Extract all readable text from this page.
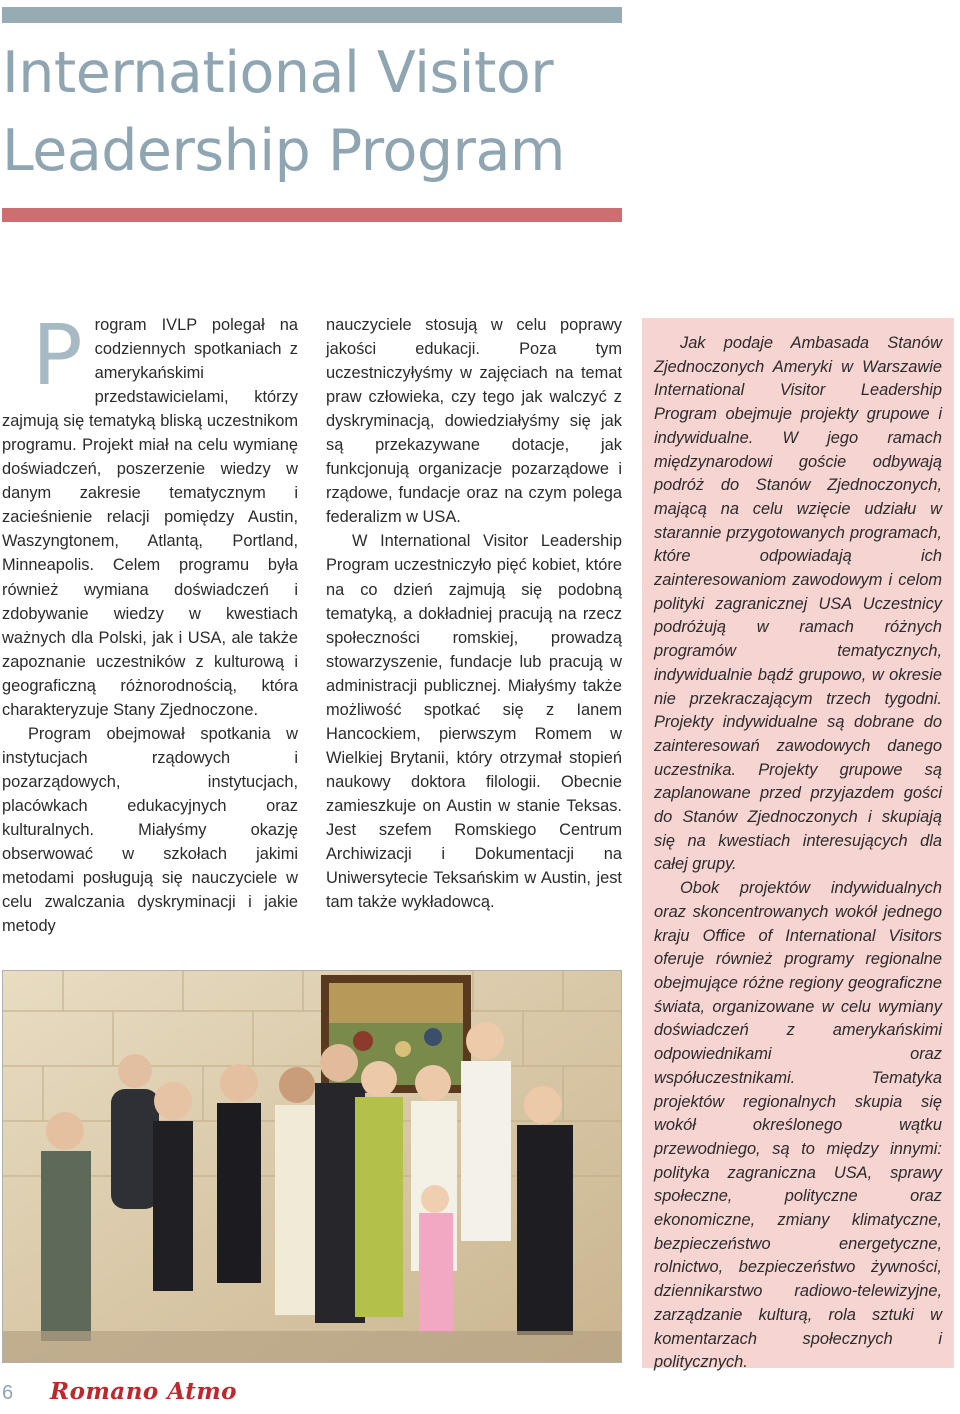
International Visitor
Leadership Program
P rogram IVLP polegał na codziennych spotkaniach z amerykańskimi przedstawicielami, którzy zajmują się tematyką bliską uczestnikom programu. Projekt miał na celu wymianę doświadczeń, poszerzenie wiedzy w danym zakresie tematycznym i zacieśnienie relacji pomiędzy Austin, Waszyngtonem, Atlantą, Portland, Minneapolis. Celem programu była również wymiana doświadczeń i zdobywanie wiedzy w kwestiach ważnych dla Polski, jak i USA, ale także zapoznanie uczestników z kulturową i geograficzną różnorodnością, która charakteryzuje Stany Zjednoczone.

Program obejmował spotkania w instytucjach rządowych i pozarządowych, instytucjach, placówkach edukacyjnych oraz kulturalnych. Miałyśmy okazję obserwować w szkołach jakimi metodami posługują się nauczyciele w celu zwalczania dyskryminacji i jakie metody

nauczyciele stosują w celu poprawy jakości edukacji. Poza tym uczestniczyłyśmy w zajęciach na temat praw człowieka, czy tego jak walczyć z dyskryminacją, dowiedziałyśmy się jak są przekazywane dotacje, jak funkcjonują organizacje pozarządowe i rządowe, fundacje oraz na czym polega federalizm w USA.

W International Visitor Leadership Program uczestniczyło pięć kobiet, które na co dzień zajmują się podobną tematyką, a dokładniej pracują na rzecz społeczności romskiej, prowadzą stowarzyszenie, fundacje lub pracują w administracji publicznej. Miałyśmy także możliwość spotkać się z Ianem Hancockiem, pierwszym Romem w Wielkiej Brytanii, który otrzymał stopień naukowy doktora filologii. Obecnie zamieszkuje on Austin w stanie Teksas. Jest szefem Romskiego Centrum Archiwizacji i Dokumentacji na Uniwersytecie Teksańskim w Austin, jest tam także wykładowcą.

Jak podaje Ambasada Stanów Zjednoczonych Ameryki w Warszawie International Visitor Leadership Program obejmuje projekty grupowe i indywidualne. W jego ramach międzynarodowi goście odbywają podróż do Stanów Zjednoczonych, mającą na celu wzięcie udziału w starannie przygotowanych programach, które odpowiadają ich zainteresowaniom zawodowym i celom polityki zagranicznej USA Uczestnicy podróżują w ramach różnych programów tematycznych, indywidualnie bądź grupowo, w okresie nie przekraczającym trzech tygodni. Projekty indywidualne są dobrane do zainteresowań zawodowych danego uczestnika. Projekty grupowe są zaplanowane przed przyjazdem gości do Stanów Zjednoczonych i skupiają się na kwestiach interesujących dla całej grupy.

Obok projektów indywidualnych oraz skoncentrowanych wokół jednego kraju Office of International Visitors oferuje również programy regionalne obejmujące różne regiony geograficzne świata, organizowane w celu wymiany doświadczeń z amerykańskimi odpowiednikami oraz współuczestnikami. Tematyka projektów regionalnych skupia się wokół określonego wątku przewodniego, są to między innymi: polityka zagraniczna USA, sprawy społeczne, polityczne oraz ekonomiczne, zmiany klimatyczne, bezpieczeństwo energetyczne, rolnictwo, bezpieczeństwo żywności, dziennikarstwo radiowo-telewizyjne, zarządzanie kulturą, rola sztuki w komentarzach społecznych i politycznych.

6 Romano Atmo
